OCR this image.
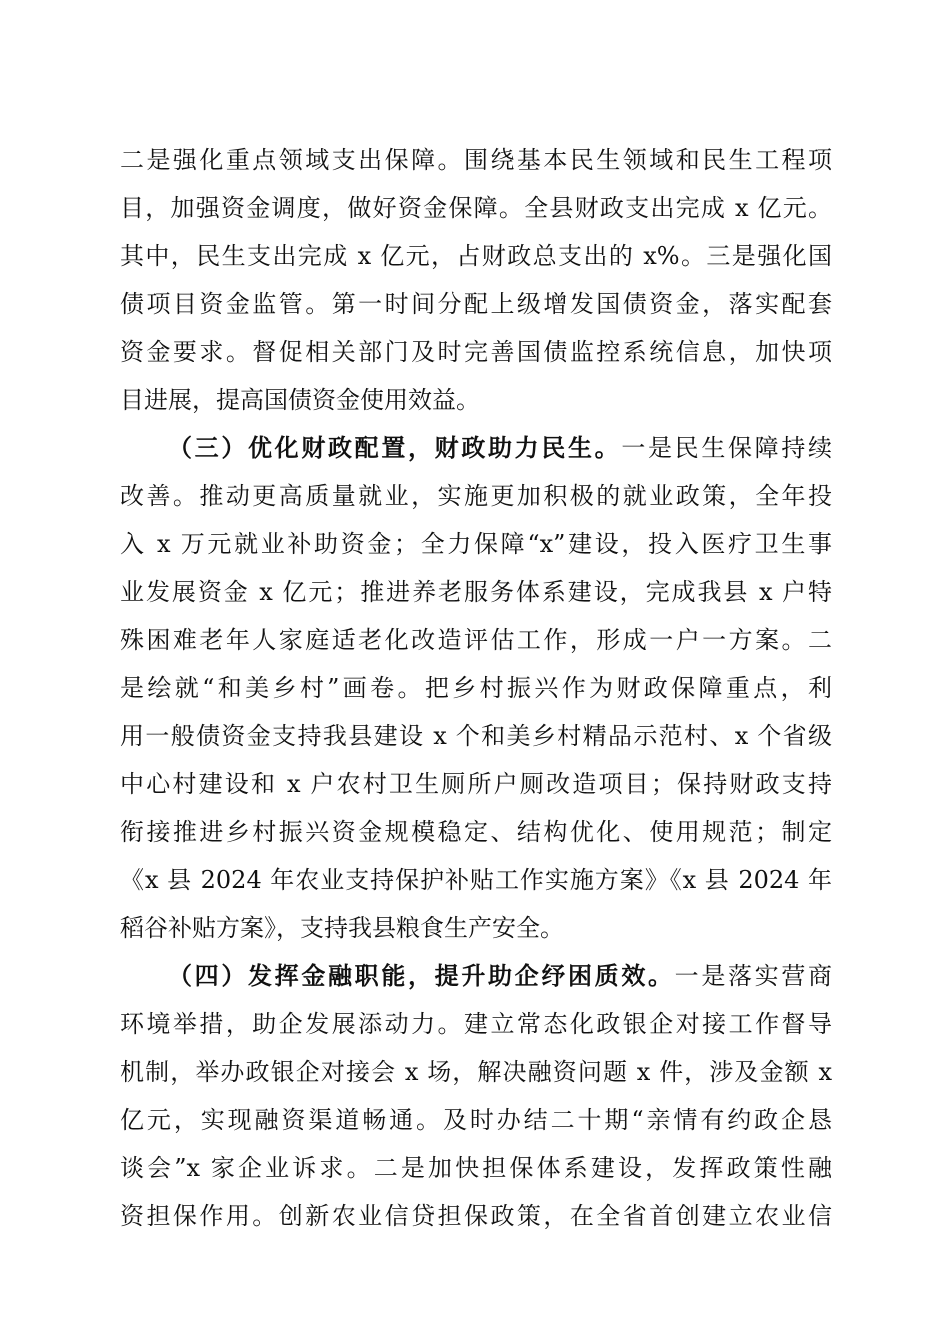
二是强化重点领域支出保障。围绕基本民生领域和民生工程项
目，加强资金调度，做好资金保障。全县财政支出完成 x 亿元。
其中，民生支出完成 x 亿元，占财政总支出的 x%。三是强化国
债项目资金监管。第一时间分配上级增发国债资金，落实配套
资金要求。督促相关部门及时完善国债监控系统信息，加快项
目进展，提高国债资金使用效益。
（三）优化财政配置，财政助力民生。一是民生保障持续
改善。推动更高质量就业，实施更加积极的就业政策，全年投
入 x 万元就业补助资金；全力保障“x”建设，投入医疗卫生事
业发展资金 x 亿元；推进养老服务体系建设，完成我县 x 户特
殊困难老年人家庭适老化改造评估工作，形成一户一方案。二
是绘就“和美乡村”画卷。把乡村振兴作为财政保障重点，利
用一般债资金支持我县建设 x 个和美乡村精品示范村、x 个省级
中心村建设和 x 户农村卫生厕所户厕改造项目；保持财政支持
衔接推进乡村振兴资金规模稳定、结构优化、使用规范；制定
《x 县 2024 年农业支持保护补贴工作实施方案》《x 县 2024 年
稻谷补贴方案》，支持我县粮食生产安全。
（四）发挥金融职能，提升助企纾困质效。一是落实营商
环境举措，助企发展添动力。建立常态化政银企对接工作督导
机制，举办政银企对接会 x 场，解决融资问题 x 件，涉及金额 x
亿元，实现融资渠道畅通。及时办结二十期“亲情有约政企恳
谈会”x 家企业诉求。二是加快担保体系建设，发挥政策性融
资担保作用。创新农业信贷担保政策，在全省首创建立农业信
